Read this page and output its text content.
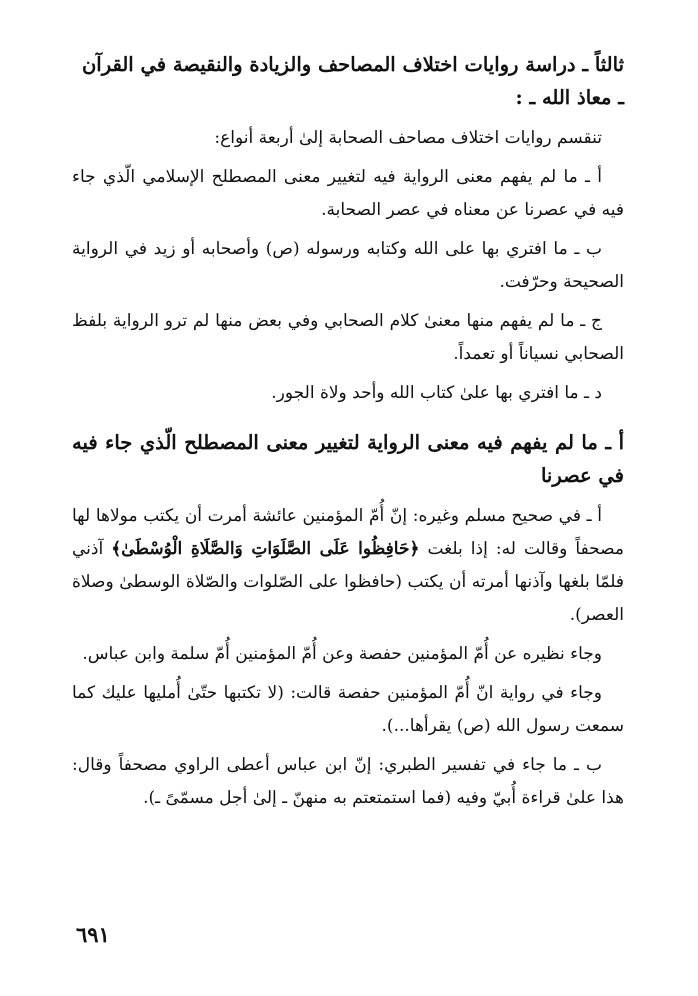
ثالثاً ـ دراسة روايات اختلاف المصاحف والزيادة والنقيصة في القرآن
ـ معاذ الله ـ :

تنقسم روايات اختلاف مصاحف الصحابة إلىٰ أربعة أنواع:

أ ـ ما لم يفهم معنى الرواية فيه لتغيير معنى المصطلح الإسلامي الّذي جاء فيه في عصرنا عن معناه في عصر الصحابة.

ب ـ ما افتري بها على الله وكتابه ورسوله (ص) وأصحابه أو زيد في الرواية الصحيحة وحرّفت.

ج ـ ما لم يفهم منها معنىٰ كلام الصحابي وفي بعض منها لم ترو الرواية بلفظ الصحابي نسياناً أو تعمداً.

د ـ ما افتري بها علىٰ كتاب الله وأحد ولاة الجور.

أ ـ ما لم يفهم فيه معنى الرواية لتغيير معنى المصطلح الّذي جاء فيه في عصرنا

أ ـ في صحيح مسلم وغيره: إنّ أُمّ المؤمنين عائشة أمرت أن يكتب مولاها لها مصحفاً وقالت له: إذا بلغت ﴿حَافِظُوا عَلَى الصَّلَوَاتِ وَالصَّلَاةِ الْوُسْطَىٰ﴾ آذني فلمّا بلغها وآذنها أمرته أن يكتب (حافظوا على الصّلوات والصّلاة الوسطىٰ وصلاة العصر).

وجاء نظيره عن أُمّ المؤمنين حفصة وعن أُمّ المؤمنين أُمّ سلمة وابن عباس.

وجاء في رواية انّ أُمّ المؤمنين حفصة قالت: (لا تكتبها حتّىٰ أُمليها عليك كما سمعت رسول الله (ص) يقرأها...).

ب ـ ما جاء في تفسير الطبري: إنّ ابن عباس أعطى الراوي مصحفاً وقال: هذا علىٰ قراءة أُبيّ وفيه (فما استمتعتم به منهنّ ـ إلىٰ أجل مسمّىً ـ).

٦٩١
